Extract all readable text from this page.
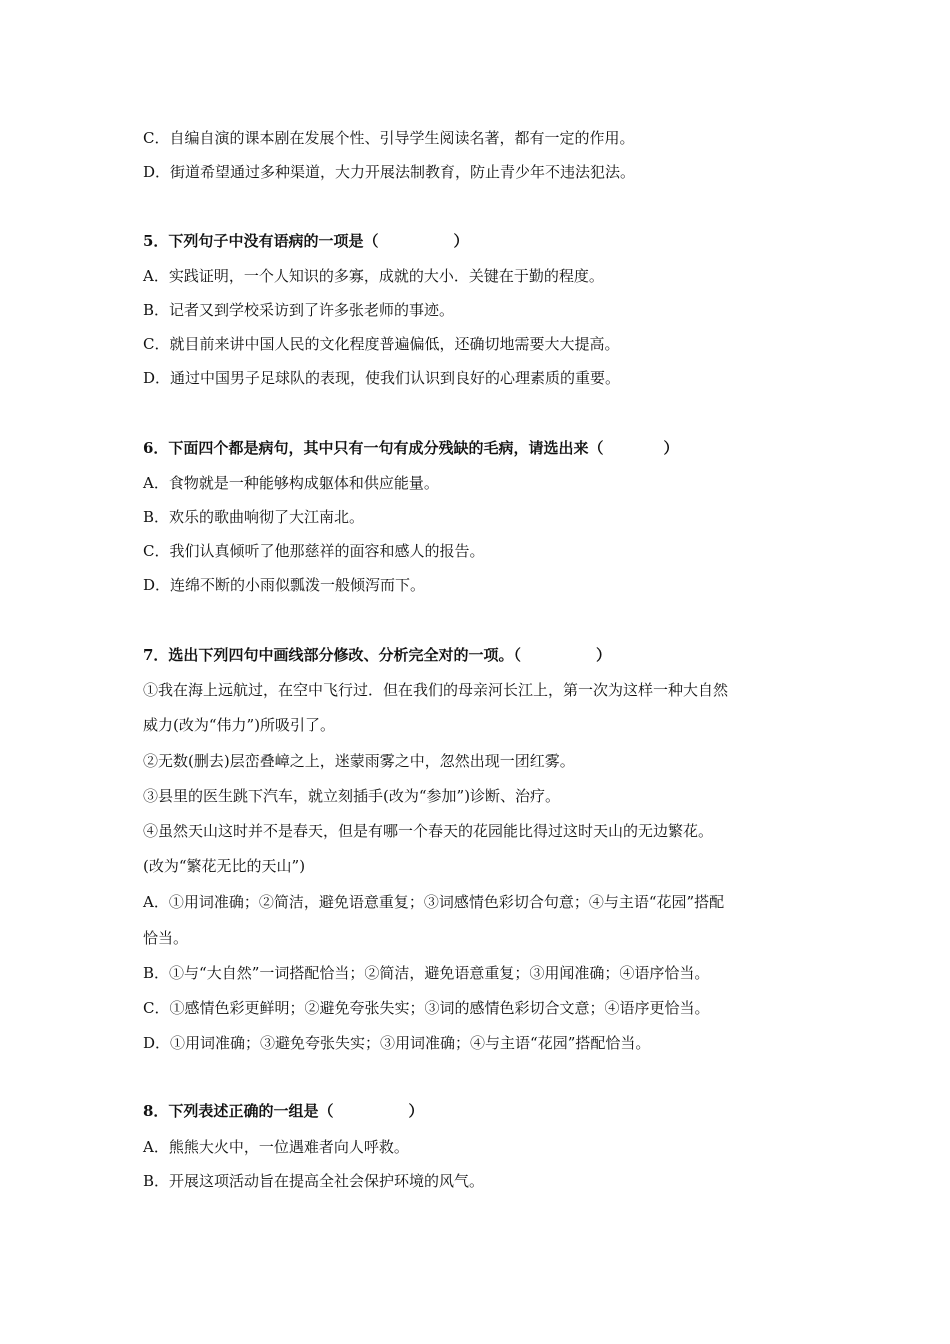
C．自编自演的课本剧在发展个性、引导学生阅读名著，都有一定的作用。
D．街道希望通过多种渠道，大力开展法制教育，防止青少年不违法犯法。
5．下列句子中没有语病的一项是（　　　　　）
A．实践证明，一个人知识的多寡，成就的大小．关键在于勤的程度。
B．记者又到学校采访到了许多张老师的事迹。
C．就目前来讲中国人民的文化程度普遍偏低，还确切地需要大大提高。
D．通过中国男子足球队的表现，使我们认识到良好的心理素质的重要。
6．下面四个都是病句，其中只有一句有成分残缺的毛病，请选出来（　　　　）
A．食物就是一种能够构成躯体和供应能量。
B．欢乐的歌曲响彻了大江南北。
C．我们认真倾听了他那慈祥的面容和感人的报告。
D．连绵不断的小雨似瓢泼一般倾泻而下。
7．选出下列四句中画线部分修改、分析完全对的一项。（　　　　　）
①我在海上远航过，在空中飞行过．但在我们的母亲河长江上，第一次为这样一种大自然
威力(改为“伟力”)所吸引了。
②无数(删去)层峦叠嶂之上，迷蒙雨雾之中，忽然出现一团红雾。
③县里的医生跳下汽车，就立刻插手(改为“参加”)诊断、治疗。
④虽然天山这时并不是春天，但是有哪一个春天的花园能比得过这时天山的无边繁花。
(改为“繁花无比的天山”)
A．①用词准确；②简洁，避免语意重复；③词感情色彩切合句意；④与主语“花园”搭配
恰当。
B．①与“大自然”一词搭配恰当；②简洁，避免语意重复；③用闻准确；④语序恰当。
C．①感情色彩更鲜明；②避免夸张失实；③词的感情色彩切合文意；④语序更恰当。
D．①用词准确；③避免夸张失实；③用词准确；④与主语“花园”搭配恰当。
8．下列表述正确的一组是（　　　　　）
A．熊熊大火中，一位遇难者向人呼救。
B．开展这项活动旨在提高全社会保护环境的风气。
